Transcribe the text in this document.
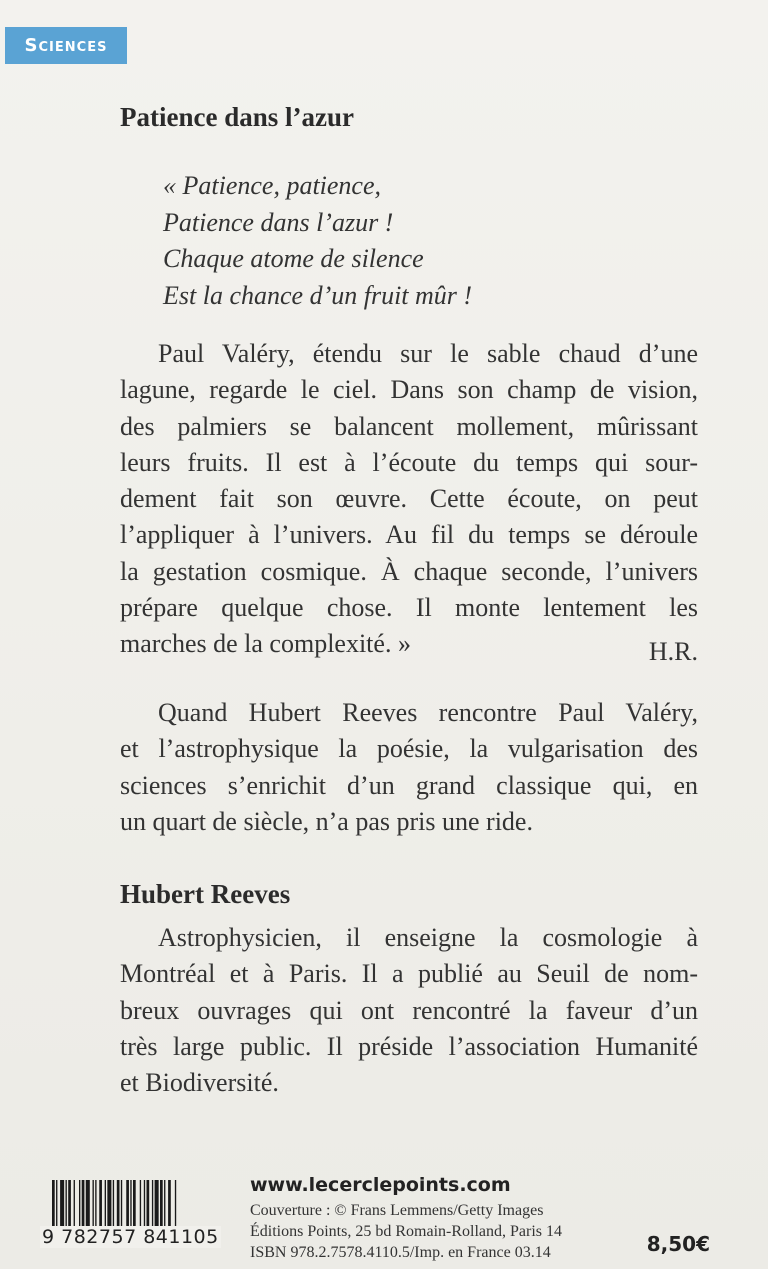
Sciences
Patience dans l’azur
« Patience, patience,
Patience dans l’azur !
Chaque atome de silence
Est la chance d’un fruit mûr !
Paul Valéry, étendu sur le sable chaud d’une
lagune, regarde le ciel. Dans son champ de vision,
des palmiers se balancent mollement, mûrissant
leurs fruits. Il est à l’écoute du temps qui sour-
dement fait son œuvre. Cette écoute, on peut
l’appliquer à l’univers. Au fil du temps se déroule
la gestation cosmique. À chaque seconde, l’univers
prépare quelque chose. Il monte lentement les
marches de la complexité. »	H.R.
Quand Hubert Reeves rencontre Paul Valéry,
et l’astrophysique la poésie, la vulgarisation des
sciences s’enrichit d’un grand classique qui, en
un quart de siècle, n’a pas pris une ride.
Hubert Reeves
Astrophysicien, il enseigne la cosmologie à
Montréal et à Paris. Il a publié au Seuil de nom-
breux ouvrages qui ont rencontré la faveur d’un
très large public. Il préside l’association Humanité
et Biodiversité.
9 782757 841105
www.lecerclepoints.com
Couverture : © Frans Lemmens/Getty Images
Éditions Points, 25 bd Romain-Rolland, Paris 14
ISBN 978.2.7578.4110.5/Imp. en France 03.14	8,50€
